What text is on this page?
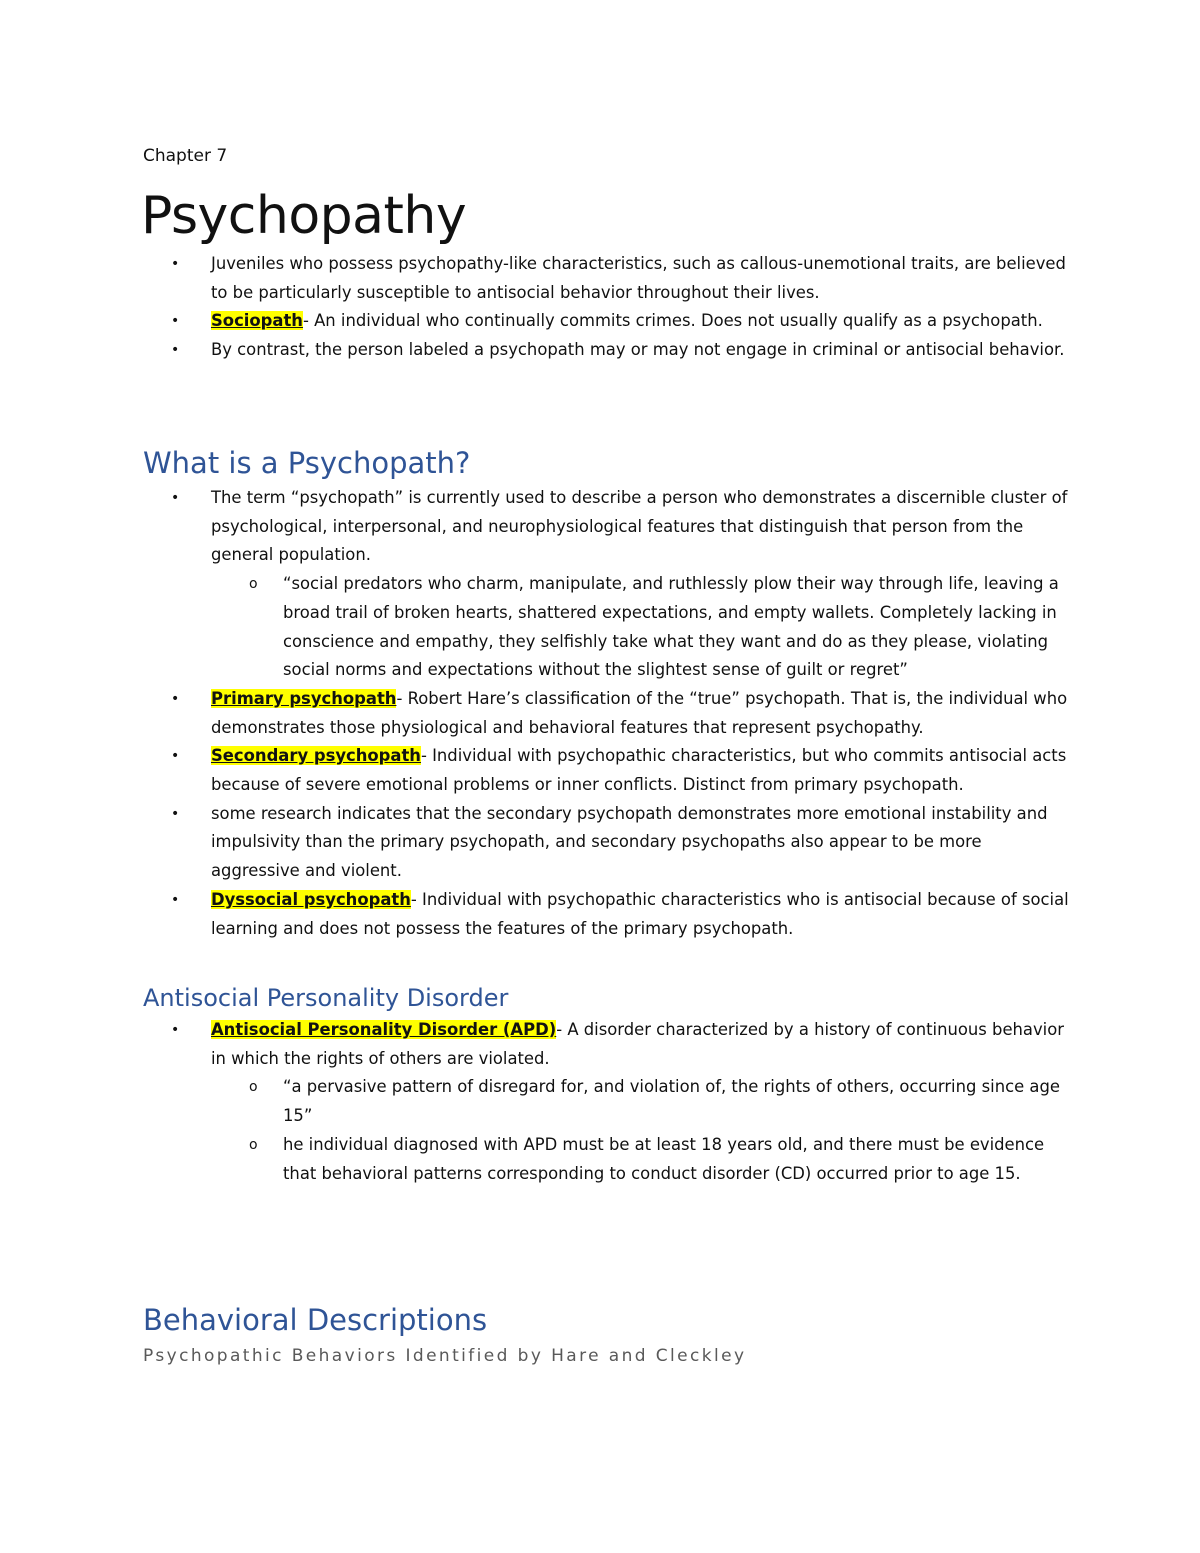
Chapter 7
Psychopathy
• Juveniles who possess psychopathy-like characteristics, such as callous-unemotional traits, are believed to be particularly susceptible to antisocial behavior throughout their lives.
• Sociopath- An individual who continually commits crimes. Does not usually qualify as a psychopath.
• By contrast, the person labeled a psychopath may or may not engage in criminal or antisocial behavior.
What is a Psychopath?
• The term “psychopath” is currently used to describe a person who demonstrates a discernible cluster of psychological, interpersonal, and neurophysiological features that distinguish that person from the general population.
o “social predators who charm, manipulate, and ruthlessly plow their way through life, leaving a broad trail of broken hearts, shattered expectations, and empty wallets. Completely lacking in conscience and empathy, they selfishly take what they want and do as they please, violating social norms and expectations without the slightest sense of guilt or regret”
• Primary psychopath- Robert Hare’s classification of the “true” psychopath. That is, the individual who demonstrates those physiological and behavioral features that represent psychopathy.
• Secondary psychopath- Individual with psychopathic characteristics, but who commits antisocial acts because of severe emotional problems or inner conflicts. Distinct from primary psychopath.
• some research indicates that the secondary psychopath demonstrates more emotional instability and impulsivity than the primary psychopath, and secondary psychopaths also appear to be more aggressive and violent.
• Dyssocial psychopath- Individual with psychopathic characteristics who is antisocial because of social learning and does not possess the features of the primary psychopath.
Antisocial Personality Disorder
• Antisocial Personality Disorder (APD)- A disorder characterized by a history of continuous behavior in which the rights of others are violated.
o “a pervasive pattern of disregard for, and violation of, the rights of others, occurring since age 15”
o he individual diagnosed with APD must be at least 18 years old, and there must be evidence that behavioral patterns corresponding to conduct disorder (CD) occurred prior to age 15.
Behavioral Descriptions
Psychopathic Behaviors Identified by Hare and Cleckley
